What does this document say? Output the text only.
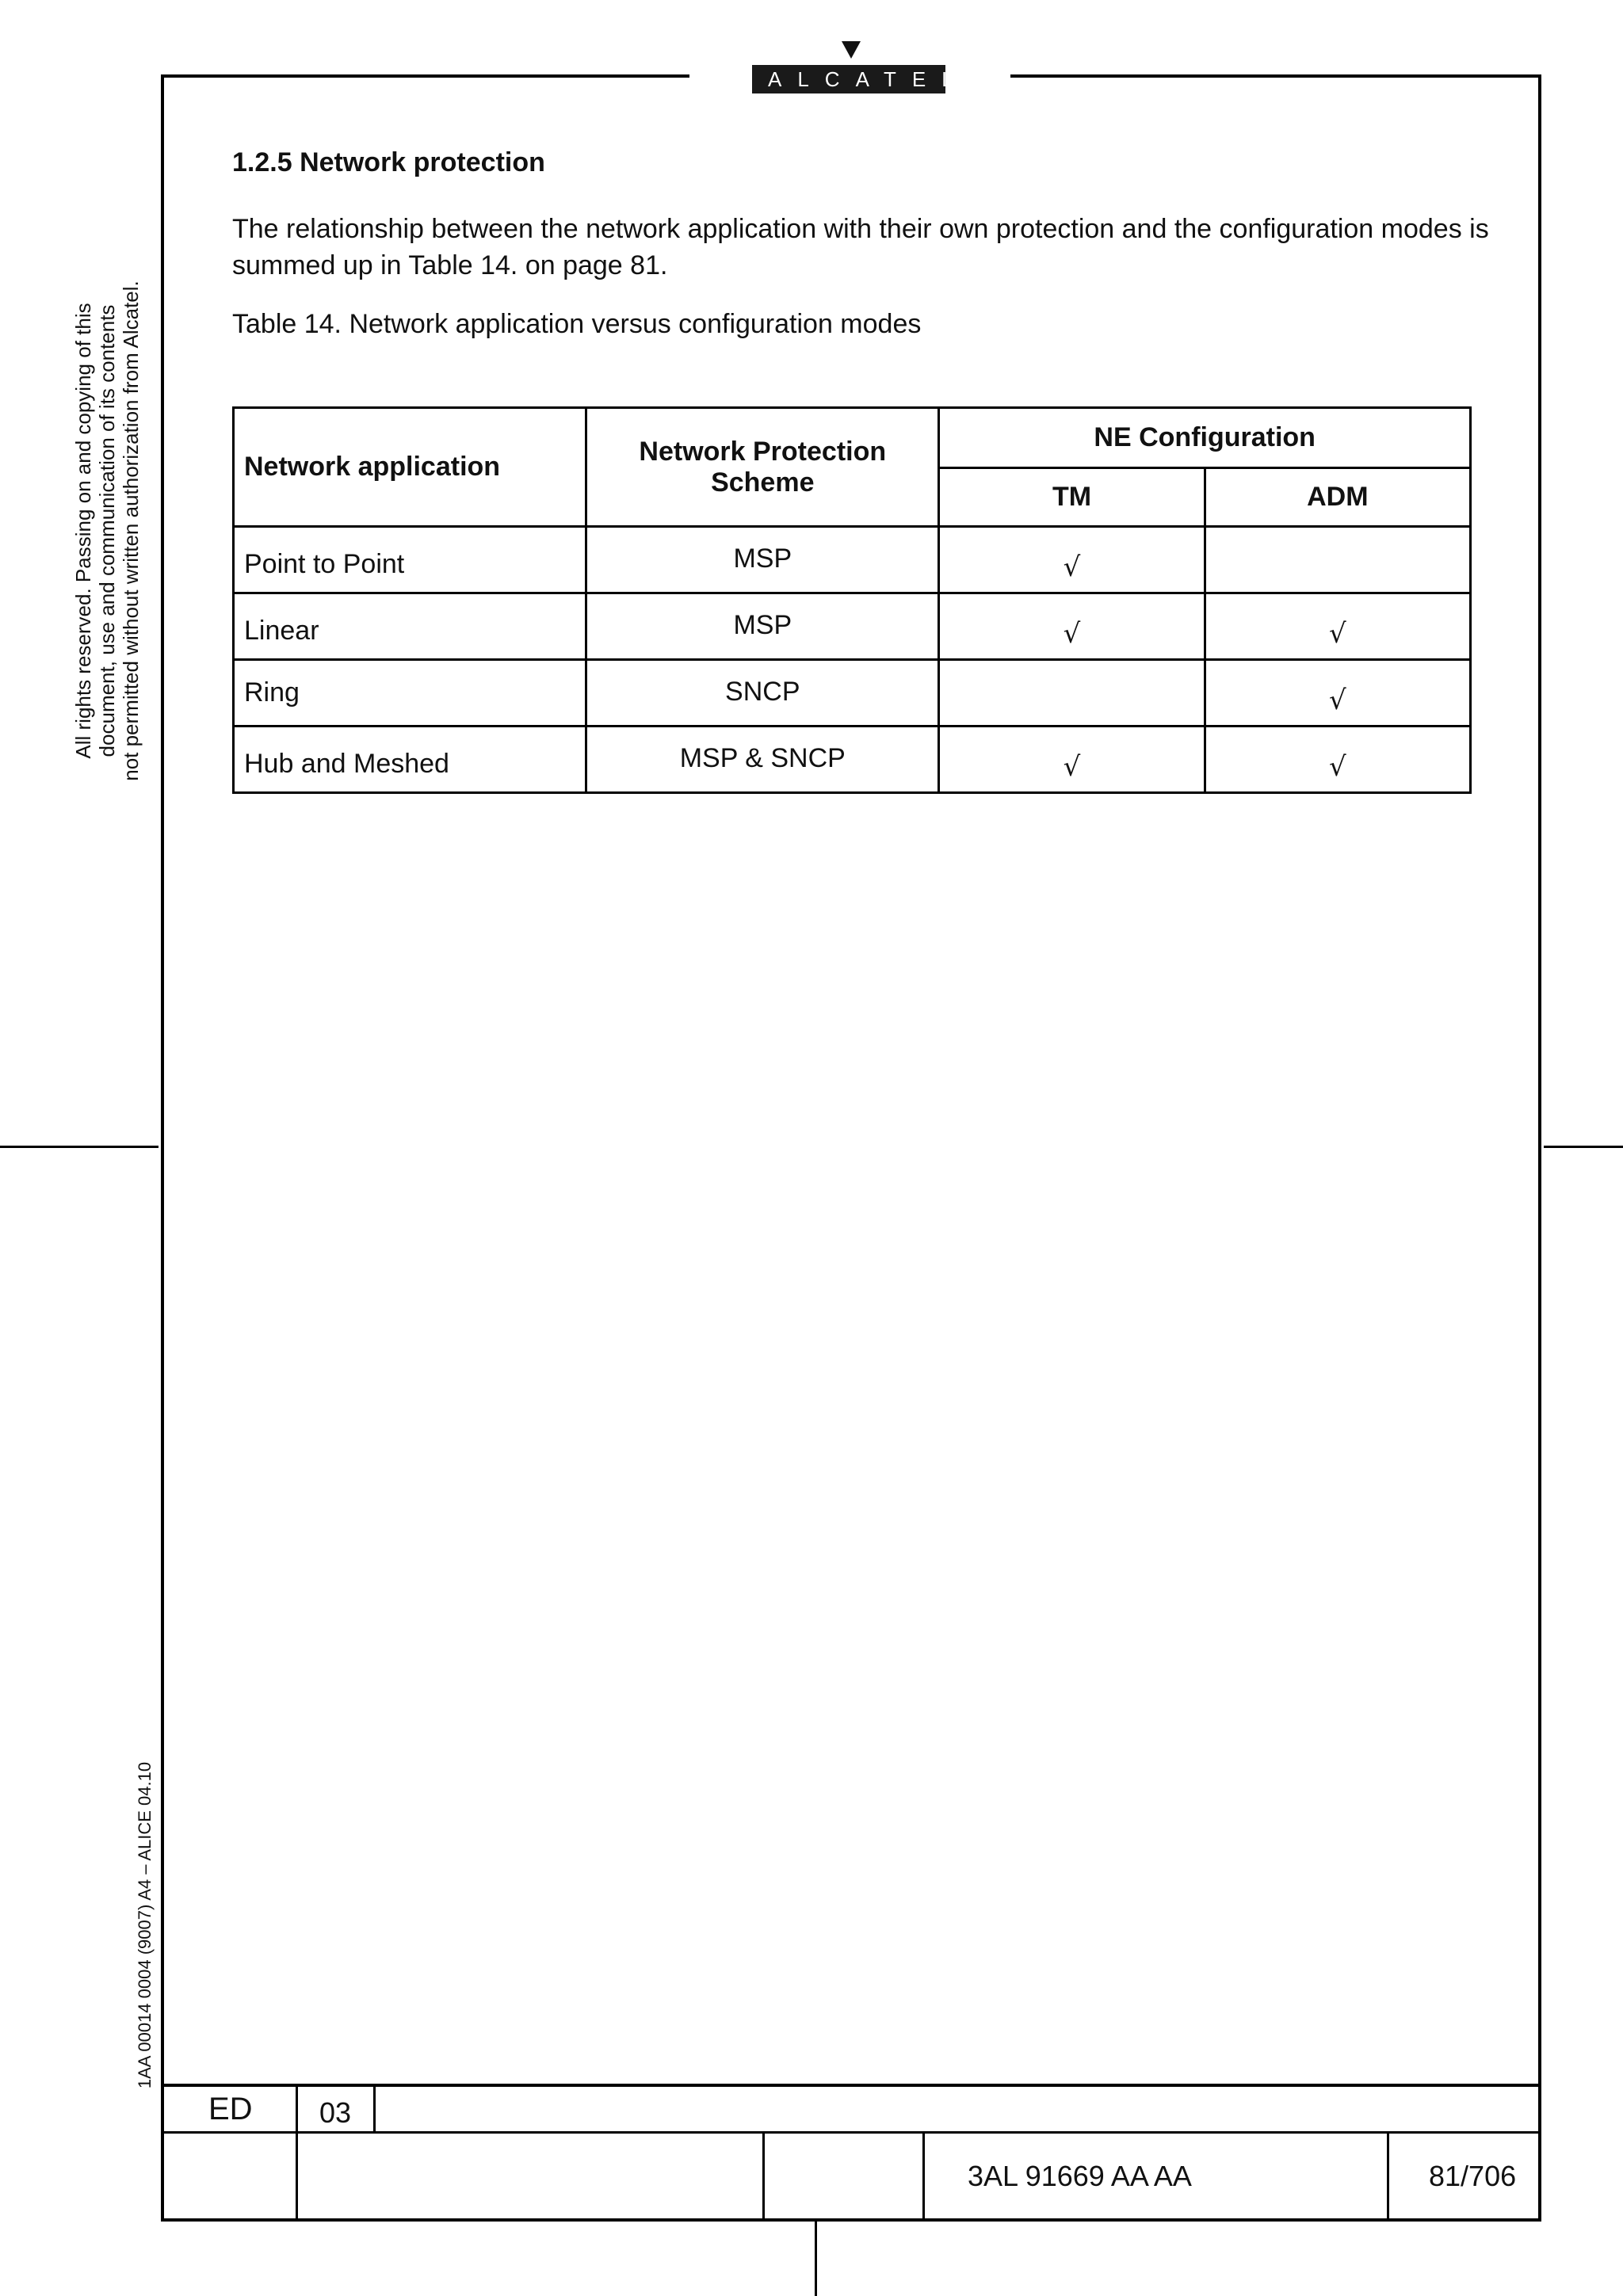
ALCATEL
All rights reserved. Passing on and copying of this document, use and communication of its contents not permitted without written authorization from Alcatel.
1AA 00014 0004 (9007) A4 – ALICE 04.10
1.2.5 Network protection
The relationship between the network application with their own protection and the configuration modes is summed up in Table 14. on page 81.
Table 14. Network application versus configuration modes
Network application	Network Protection Scheme	NE Configuration	
		TM	ADM
Point to Point	MSP	√	
Linear	MSP	√	√
Ring	SNCP		√
Hub and Meshed	MSP & SNCP	√	√
ED 03
3AL 91669 AA AA	81/706
